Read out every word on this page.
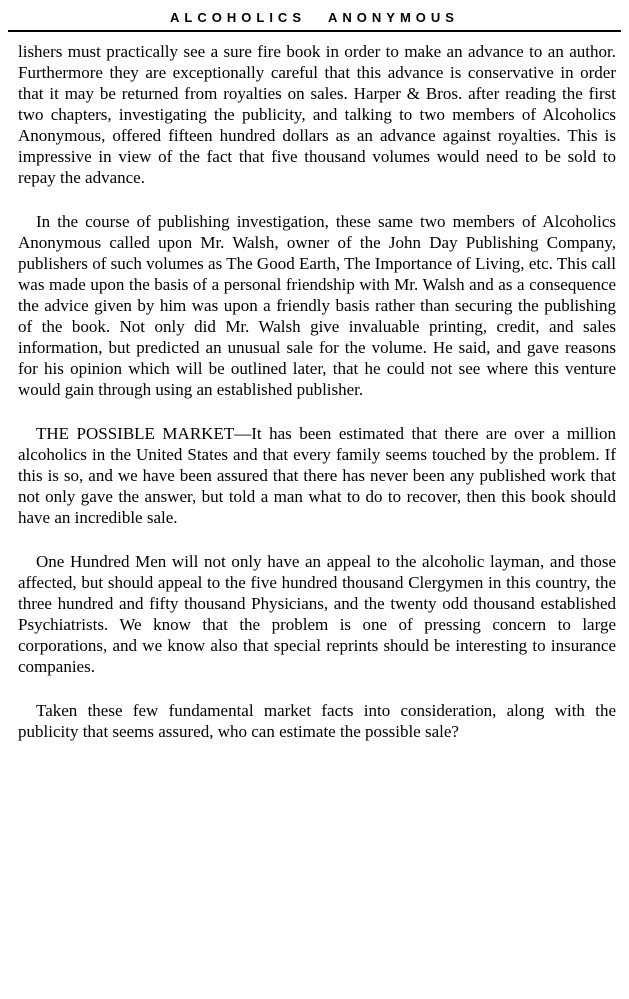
ALCOHOLICS ANONYMOUS

lishers must practically see a sure fire book in order to make an advance to an author. Furthermore they are exceptionally careful that this advance is conservative in order that it may be returned from royalties on sales. Harper & Bros. after reading the first two chapters, investigating the publicity, and talking to two members of Alcoholics Anonymous, offered fifteen hundred dollars as an advance against royalties. This is impressive in view of the fact that five thousand volumes would need to be sold to repay the advance.

In the course of publishing investigation, these same two members of Alcoholics Anonymous called upon Mr. Walsh, owner of the John Day Publishing Company, publishers of such volumes as The Good Earth, The Importance of Living, etc. This call was made upon the basis of a personal friendship with Mr. Walsh and as a consequence the advice given by him was upon a friendly basis rather than securing the publishing of the book. Not only did Mr. Walsh give invaluable printing, credit, and sales information, but predicted an unusual sale for the volume. He said, and gave reasons for his opinion which will be outlined later, that he could not see where this venture would gain through using an established publisher.

THE POSSIBLE MARKET—It has been estimated that there are over a million alcoholics in the United States and that every family seems touched by the problem. If this is so, and we have been assured that there has never been any published work that not only gave the answer, but told a man what to do to recover, then this book should have an incredible sale.

One Hundred Men will not only have an appeal to the alcoholic layman, and those affected, but should appeal to the five hundred thousand Clergymen in this country, the three hundred and fifty thousand Physicians, and the twenty odd thousand established Psychiatrists. We know that the problem is one of pressing concern to large corporations, and we know also that special reprints should be interesting to insurance companies.

Taken these few fundamental market facts into consideration, along with the publicity that seems assured, who can estimate the possible sale?
